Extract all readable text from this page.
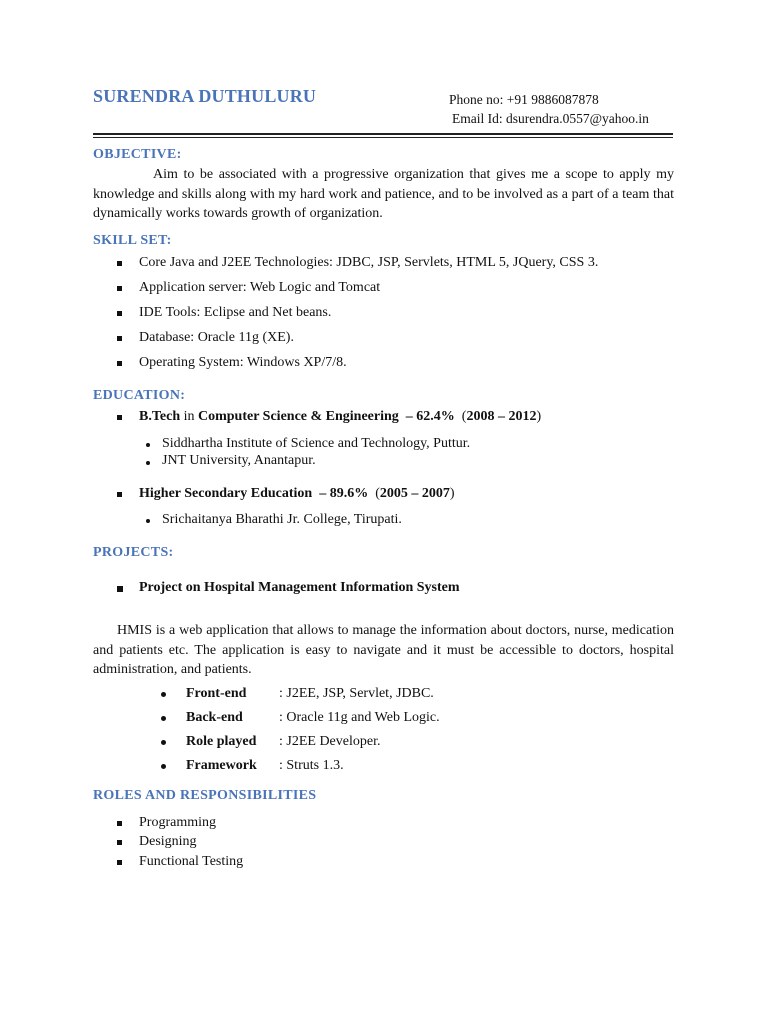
SURENDRA DUTHULURU	Phone no: +91 9886087878
Email Id: dsurendra.0557@yahoo.in
OBJECTIVE:
Aim to be associated with a progressive organization that gives me a scope to apply my knowledge and skills along with my hard work and patience, and to be involved as a part of a team that dynamically works towards growth of organization.
SKILL SET:
Core Java and J2EE Technologies: JDBC, JSP, Servlets, HTML 5, JQuery, CSS 3.
Application server: Web Logic and Tomcat
IDE Tools: Eclipse and Net beans.
Database: Oracle 11g (XE).
Operating System: Windows XP/7/8.
EDUCATION:
B.Tech in Computer Science & Engineering  – 62.4%  (2008 – 2012)
Siddhartha Institute of Science and Technology, Puttur.
JNT University, Anantapur.
Higher Secondary Education  – 89.6%  (2005 – 2007)
Srichaitanya Bharathi Jr. College, Tirupati.
PROJECTS:
Project on Hospital Management Information System
HMIS is a web application that allows to manage the information about doctors, nurse, medication and patients etc. The application is easy to navigate and it must be accessible to doctors, hospital administration, and patients.
Front-end : J2EE, JSP, Servlet, JDBC.
Back-end	: Oracle 11g and Web Logic.
Role played : J2EE Developer.
Framework : Struts 1.3.
ROLES AND RESPONSIBILITIES
Programming
Designing
Functional Testing
